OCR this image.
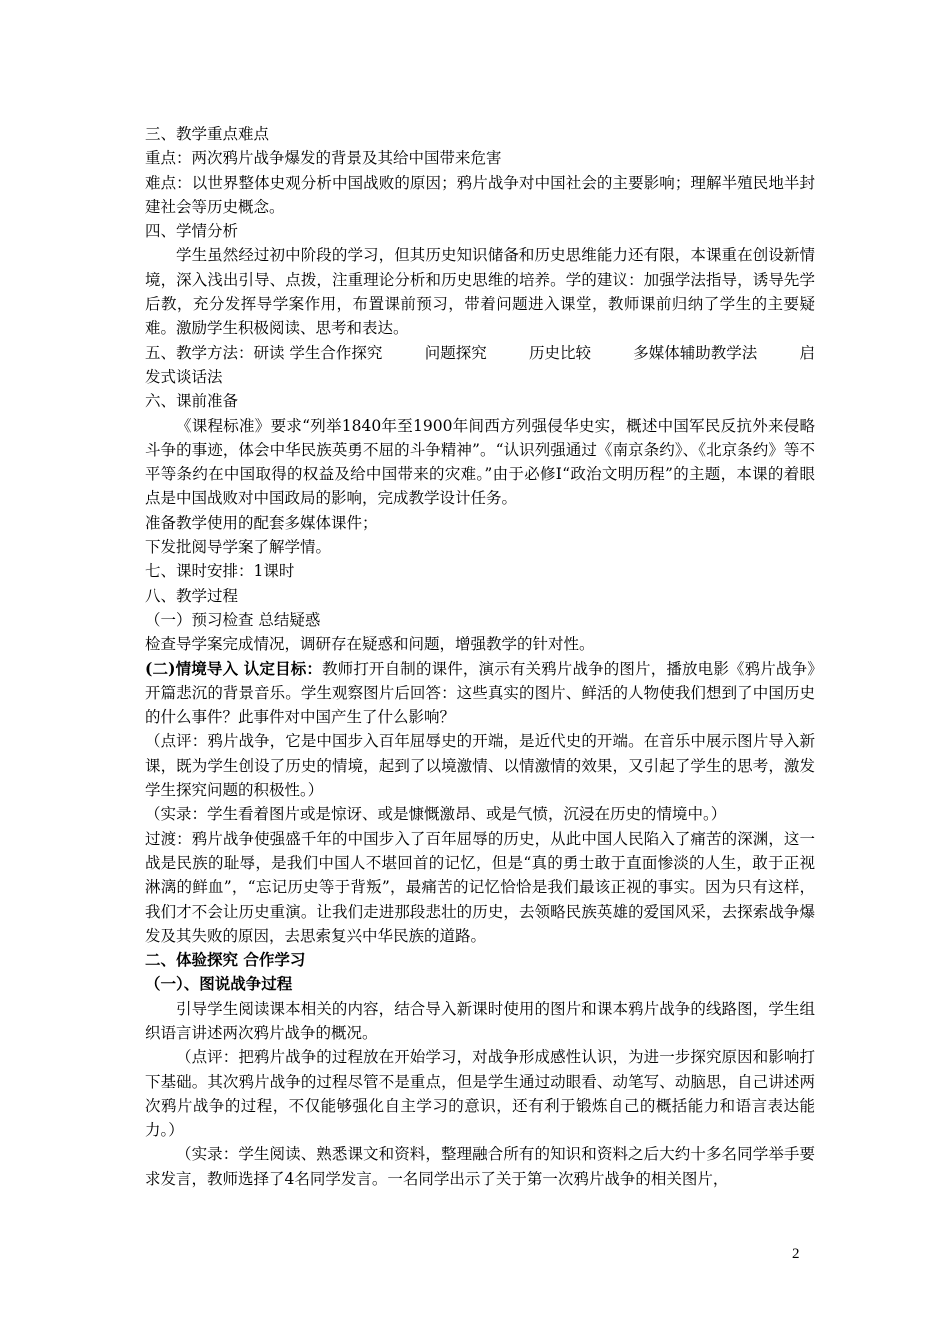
三、教学重点难点

重点：两次鸦片战争爆发的背景及其给中国带来危害

难点：以世界整体史观分析中国战败的原因；鸦片战争对中国社会的主要影响；理解半殖民地半封建社会等历史概念。

四、学情分析

学生虽然经过初中阶段的学习，但其历史知识储备和历史思维能力还有限，本课重在创设新情境，深入浅出引导、点拨，注重理论分析和历史思维的培养。学的建议：加强学法指导，诱导先学后教，充分发挥导学案作用，布置课前预习，带着问题进入课堂，教师课前归纳了学生的主要疑难。激励学生积极阅读、思考和表达。

五、教学方法：研读 学生合作探究	问题探究	历史比较	多媒体辅助教学法	启

发式谈话法

六、课前准备

《课程标准》要求“列举1840年至1900年间西方列强侵华史实，概述中国军民反抗外来侵略斗争的事迹，体会中华民族英勇不屈的斗争精神”。“认识列强通过《南京条约》、《北京条约》等不平等条约在中国取得的权益及给中国带来的灾难。”由于必修Ⅰ“政治文明历程”的主题，本课的着眼点是中国战败对中国政局的影响，完成教学设计任务。

准备教学使用的配套多媒体课件；

下发批阅导学案了解学情。

七、课时安排：1课时

八、教学过程

（一）预习检查 总结疑惑

检查导学案完成情况，调研存在疑惑和问题，增强教学的针对性。

(二)情境导入 认定目标：教师打开自制的课件，演示有关鸦片战争的图片，播放电影《鸦片战争》开篇悲沉的背景音乐。学生观察图片后回答：这些真实的图片、鲜活的人物使我们想到了中国历史的什么事件？此事件对中国产生了什么影响？

（点评：鸦片战争，它是中国步入百年屈辱史的开端，是近代史的开端。在音乐中展示图片导入新课，既为学生创设了历史的情境，起到了以境激情、以情激情的效果，又引起了学生的思考，激发学生探究问题的积极性。）

（实录：学生看着图片或是惊讶、或是慷慨激昂、或是气愤，沉浸在历史的情境中。）

过渡：鸦片战争使强盛千年的中国步入了百年屈辱的历史，从此中国人民陷入了痛苦的深渊，这一战是民族的耻辱，是我们中国人不堪回首的记忆，但是“真的勇士敢于直面惨淡的人生，敢于正视淋漓的鲜血”，“忘记历史等于背叛”，最痛苦的记忆恰恰是我们最该正视的事实。因为只有这样，我们才不会让历史重演。让我们走进那段悲壮的历史，去领略民族英雄的爱国风采，去探索战争爆发及其失败的原因，去思索复兴中华民族的道路。

二、体验探究 合作学习

（一）、图说战争过程

引导学生阅读课本相关的内容，结合导入新课时使用的图片和课本鸦片战争的线路图，学生组织语言讲述两次鸦片战争的概况。

（点评：把鸦片战争的过程放在开始学习，对战争形成感性认识，为进一步探究原因和影响打下基础。其次鸦片战争的过程尽管不是重点，但是学生通过动眼看、动笔写、动脑思，自己讲述两次鸦片战争的过程，不仅能够强化自主学习的意识，还有利于锻炼自己的概括能力和语言表达能力。）

（实录：学生阅读、熟悉课文和资料，整理融合所有的知识和资料之后大约十多名同学举手要求发言，教师选择了4名同学发言。一名同学出示了关于第一次鸦片战争的相关图片，

2
